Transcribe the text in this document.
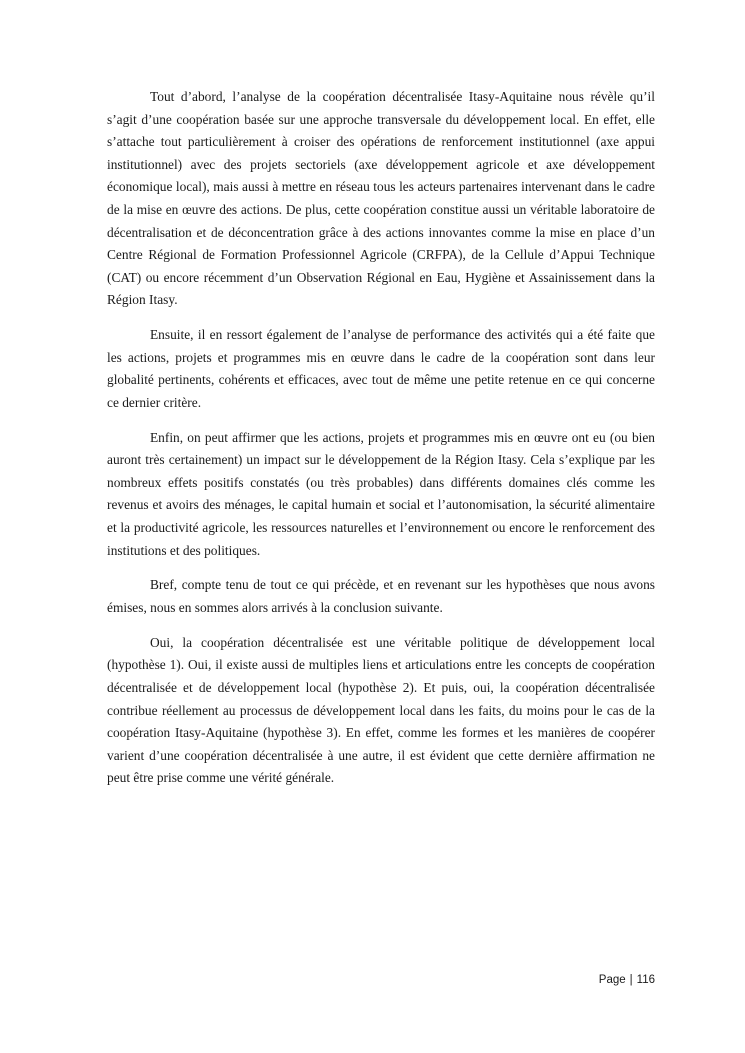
Tout d’abord, l’analyse de la coopération décentralisée Itasy-Aquitaine nous révèle qu’il s’agit d’une coopération basée sur une approche transversale du développement local. En effet, elle s’attache tout particulièrement à croiser des opérations de renforcement institutionnel (axe appui institutionnel) avec des projets sectoriels (axe développement agricole et axe développement économique local), mais aussi à mettre en réseau tous les acteurs partenaires intervenant dans le cadre de la mise en œuvre des actions. De plus, cette coopération constitue aussi un véritable laboratoire de décentralisation et de déconcentration grâce à des actions innovantes comme la mise en place d’un Centre Régional de Formation Professionnel Agricole (CRFPA), de la Cellule d’Appui Technique (CAT) ou encore récemment d’un Observation Régional en Eau, Hygiène et Assainissement dans la Région Itasy.

Ensuite, il en ressort également de l’analyse de performance des activités qui a été faite que les actions, projets et programmes mis en œuvre dans le cadre de la coopération sont dans leur globalité pertinents, cohérents et efficaces, avec tout de même une petite retenue en ce qui concerne ce dernier critère.

Enfin, on peut affirmer que les actions, projets et programmes mis en œuvre ont eu (ou bien auront très certainement) un impact sur le développement de la Région Itasy. Cela s’explique par les nombreux effets positifs constatés (ou très probables) dans différents domaines clés comme les revenus et avoirs des ménages, le capital humain et social et l’autonomisation, la sécurité alimentaire et la productivité agricole, les ressources naturelles et l’environnement ou encore le renforcement des institutions et des politiques.

Bref, compte tenu de tout ce qui précède, et en revenant sur les hypothèses que nous avons émises, nous en sommes alors arrivés à la conclusion suivante.

Oui, la coopération décentralisée est une véritable politique de développement local (hypothèse 1). Oui, il existe aussi de multiples liens et articulations entre les concepts de coopération décentralisée et de développement local (hypothèse 2). Et puis, oui, la coopération décentralisée contribue réellement au processus de développement local dans les faits, du moins pour le cas de la coopération Itasy-Aquitaine (hypothèse 3). En effet, comme les formes et les manières de coopérer varient d’une coopération décentralisée à une autre, il est évident que cette dernière affirmation ne peut être prise comme une vérité générale.

Page | 116
